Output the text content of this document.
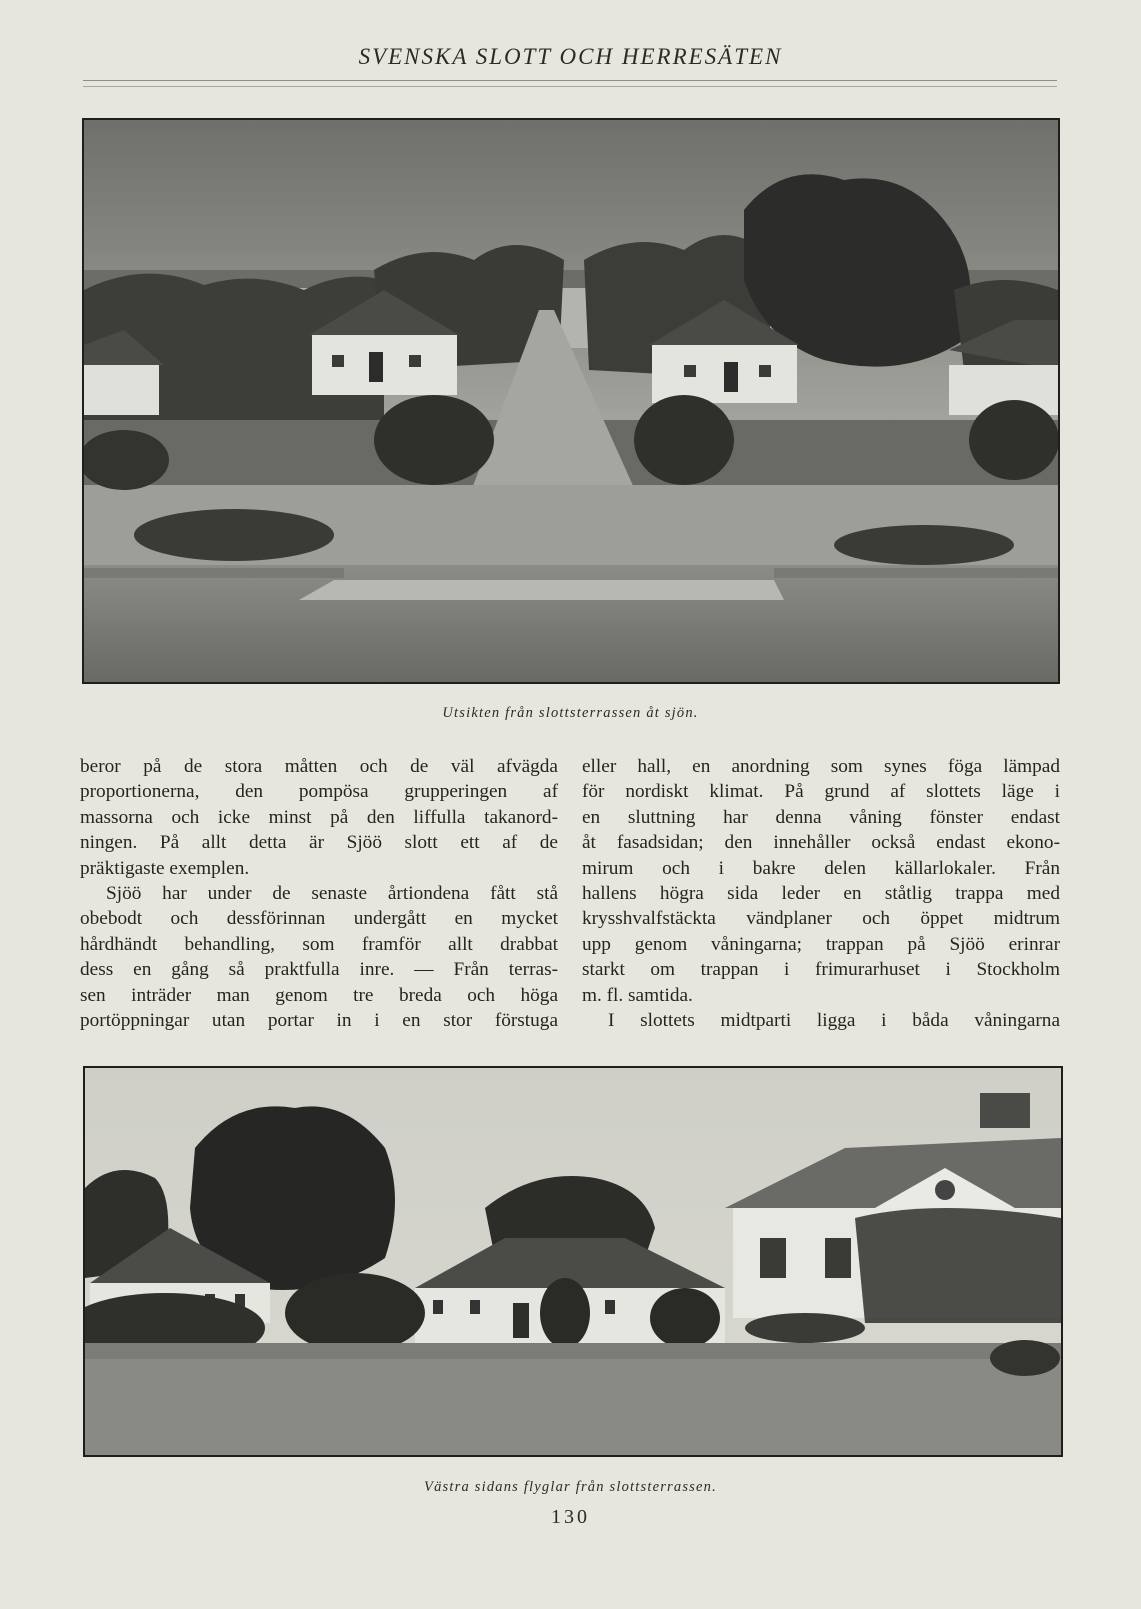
SVENSKA SLOTT OCH HERRESÄTEN
Utsikten från slottsterrassen åt sjön.

beror på de stora måtten och de väl afvägda

proportionerna, den pompösa grupperingen af

massorna och icke minst på den liffulla takanord-

ningen. På allt detta är Sjöö slott ett af de

präktigaste exemplen.

Sjöö har under de senaste årtiondena fått stå

obebodt och dessförinnan undergått en mycket

hårdhändt behandling, som framför allt drabbat

dess en gång så praktfulla inre. — Från terras-

sen inträder man genom tre breda och höga

portöppningar utan portar in i en stor förstuga

eller hall, en anordning som synes föga lämpad

för nordiskt klimat. På grund af slottets läge i

en sluttning har denna våning fönster endast

åt fasadsidan; den innehåller också endast ekono-

mirum och i bakre delen källarlokaler. Från

hallens högra sida leder en ståtlig trappa med

krysshvalfstäckta vändplaner och öppet midtrum

upp genom våningarna; trappan på Sjöö erinrar

starkt om trappan i frimurarhuset i Stockholm

m. fl. samtida.

I slottets midtparti ligga i båda våningarna

Västra sidans flyglar från slottsterrassen.
130
